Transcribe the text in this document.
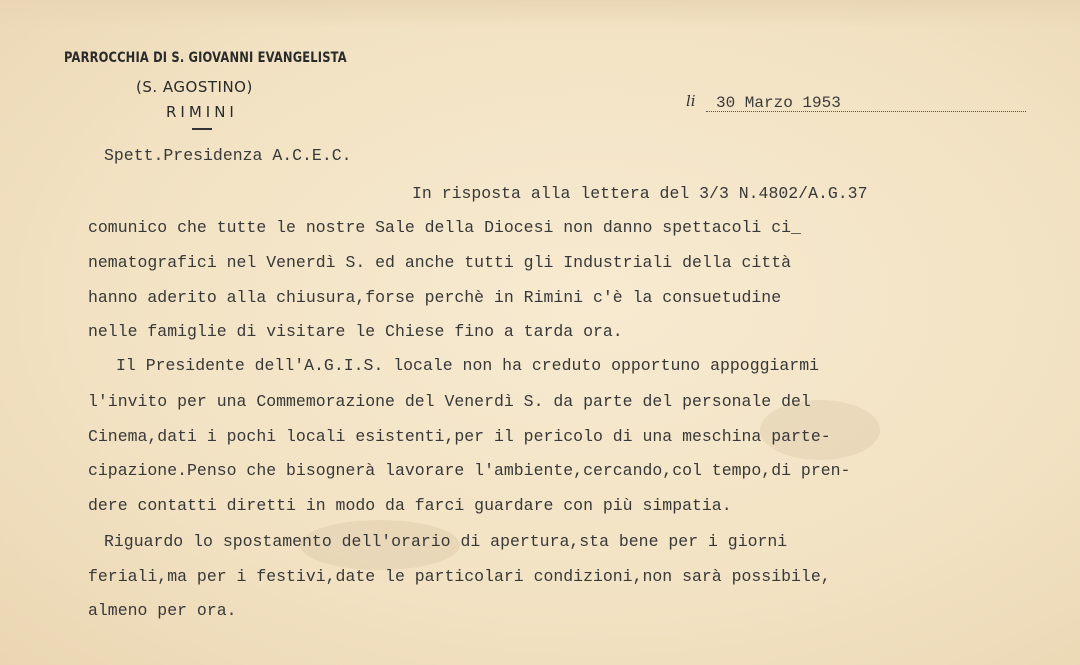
PARROCCHIA DI S. GIOVANNI EVANGELISTA
(S. AGOSTINO)
RIMINI
li 30 Marzo 1953
Spett.Presidenza A.C.E.C.
In risposta alla lettera del 3/3 N.4802/A.G.37
comunico che tutte le nostre Sale della Diocesi non danno spettacoli ci_
nematografici nel Venerdì S. ed anche tutti gli Industriali della città
hanno aderito alla chiusura,forse perchè in Rimini c'è la consuetudine
nelle famiglie di visitare le Chiese fino a tarda ora.
Il Presidente dell'A.G.I.S. locale non ha creduto opportuno appoggiarmi
l'invito per una Commemorazione del Venerdì S. da parte del personale del
Cinema,dati i pochi locali esistenti,per il pericolo di una meschina parte-
cipazione.Penso che bisognerà lavorare l'ambiente,cercando,col tempo,di pren-
dere contatti diretti in modo da farci guardare con più simpatia.
Riguardo lo spostamento dell'orario di apertura,sta bene per i giorni
feriali,ma per i festivi,date le particolari condizioni,non sarà possibile,
almeno per ora.
